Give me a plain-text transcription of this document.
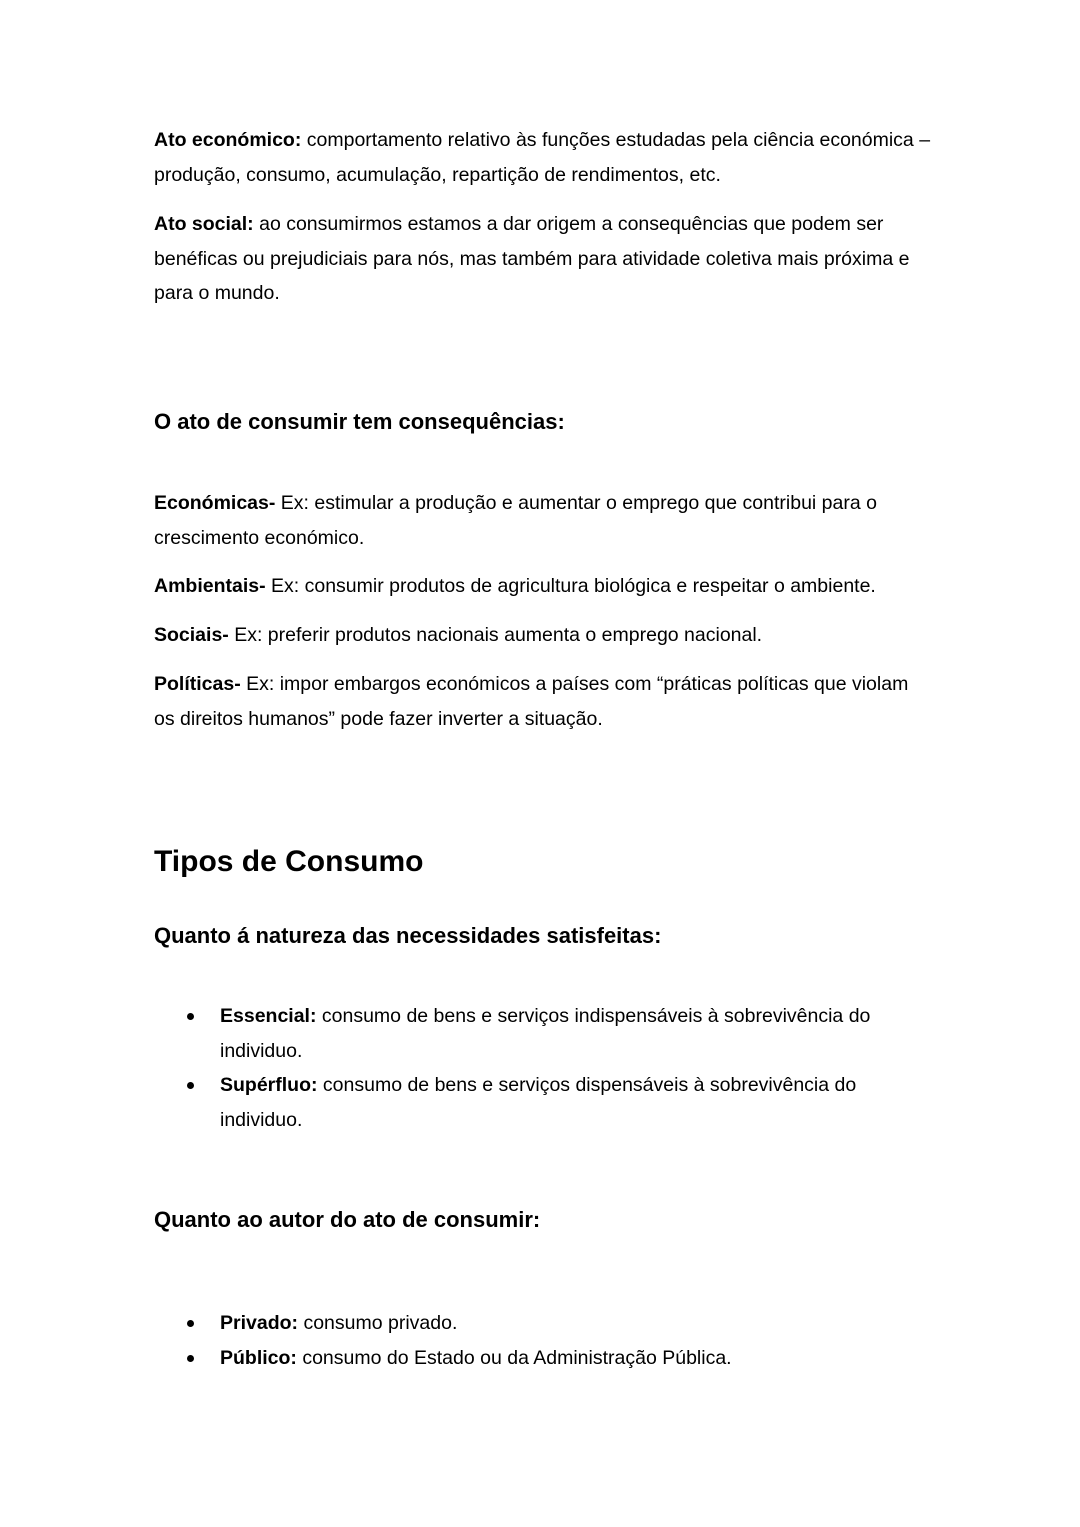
Ato económico: comportamento relativo às funções estudadas pela ciência económica – produção, consumo, acumulação, repartição de rendimentos, etc.

Ato social: ao consumirmos estamos a dar origem a consequências que podem ser benéficas ou prejudiciais para nós, mas também para atividade coletiva mais próxima e para o mundo.

O ato de consumir tem consequências:

Económicas- Ex: estimular a produção e aumentar o emprego que contribui para o crescimento económico.

Ambientais- Ex: consumir produtos de agricultura biológica e respeitar o ambiente.

Sociais- Ex: preferir produtos nacionais aumenta o emprego nacional.

Políticas- Ex: impor embargos económicos a países com “práticas políticas que violam os direitos humanos” pode fazer inverter a situação.

Tipos de Consumo

Quanto á natureza das necessidades satisfeitas:

Essencial: consumo de bens e serviços indispensáveis à sobrevivência do individuo.
Supérfluo: consumo de bens e serviços dispensáveis à sobrevivência do individuo.

Quanto ao autor do ato de consumir:

Privado: consumo privado.
Público: consumo do Estado ou da Administração Pública.
